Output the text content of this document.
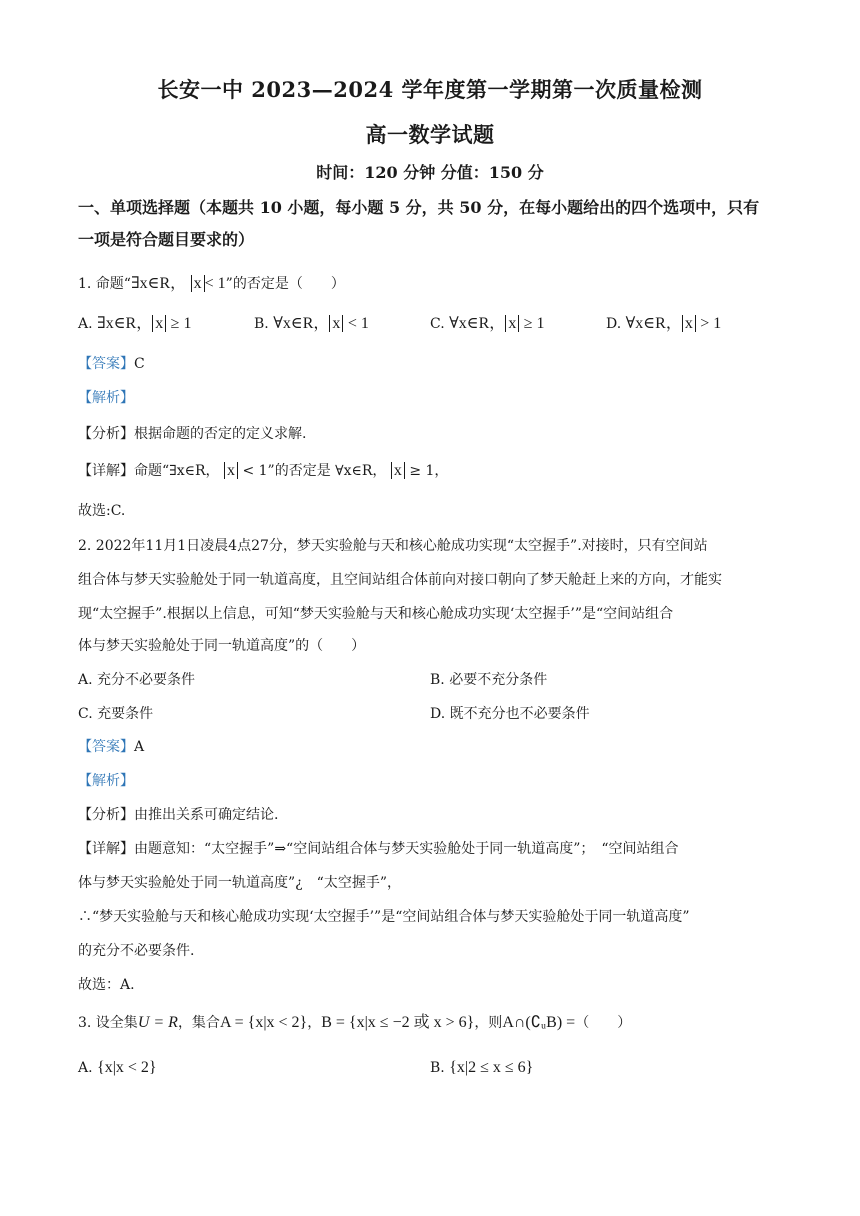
长安一中 2023—2024 学年度第一学期第一次质量检测
高一数学试题
时间：120 分钟 分值：150 分
一、单项选择题（本题共 10 小题，每小题 5 分，共 50 分，在每小题给出的四个选项中，只有
一项是符合题目要求的）
1. 命题“∃x∈R， x < 1”的否定是（　　）
A. ∃x∈R， x ≥ 1	B. ∀x∈R， x < 1	C. ∀x∈R， x ≥ 1	D. ∀x∈R， x > 1
【答案】C
【解析】
【分析】根据命题的否定的定义求解.
【详解】命题“∃x∈R， x < 1”的否定是 ∀x∈R， x ≥ 1，
故选:C.
2. 2022年11月1日凌晨4点27分，梦天实验舱与天和核心舱成功实现“太空握手”.对接时，只有空间站
组合体与梦天实验舱处于同一轨道高度，且空间站组合体前向对接口朝向了梦天舱赶上来的方向，才能实
现“太空握手”.根据以上信息，可知“梦天实验舱与天和核心舱成功实现‘太空握手’”是“空间站组合
体与梦天实验舱处于同一轨道高度”的（　　）
A. 充分不必要条件	B. 必要不充分条件
C. 充要条件	D. 既不充分也不必要条件
【答案】A
【解析】
【分析】由推出关系可确定结论.
【详解】由题意知：“太空握手”⇒“空间站组合体与梦天实验舱处于同一轨道高度”；　“空间站组合
体与梦天实验舱处于同一轨道高度”¿　“太空握手”，
∴“梦天实验舱与天和核心舱成功实现‘太空握手’”是“空间站组合体与梦天实验舱处于同一轨道高度”
的充分不必要条件.
故选：A.
3. 设全集U = R，集合A = {x|x < 2}，B = {x|x ≤ −2 或 x > 6}，则A∩(∁ᵤB) =（　　）
A. {x|x < 2}	B. {x|2 ≤ x ≤ 6}
